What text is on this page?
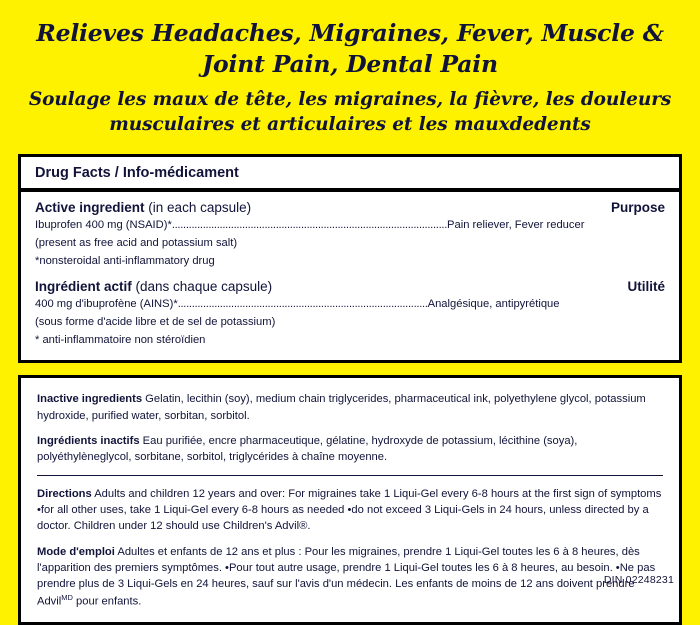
Relieves Headaches, Migraines, Fever, Muscle & Joint Pain, Dental Pain
Soulage les maux de tête, les migraines, la fièvre, les douleurs musculaires et articulaires et les mauxdedents
Drug Facts / Info-médicament
Active ingredient (in each capsule)	Purpose
Ibuprofen 400 mg (NSAID)*..................................................................................................Pain reliever, Fever reducer
(present as free acid and potassium salt)
*nonsteroidal anti-inflammatory drug
Ingrédient actif (dans chaque capsule)	Utilité
400 mg d'ibuprofène (AINS)*.........................................................................................Analgésique, antipyrétique
(sous forme d'acide libre et de sel de potassium)
* anti-inflammatoire non stéroïdien
Inactive ingredients Gelatin, lecithin (soy), medium chain triglycerides, pharmaceutical ink, polyethylene glycol, potassium hydroxide, purified water, sorbitan, sorbitol.
Ingrédients inactifs Eau purifiée, encre pharmaceutique, gélatine, hydroxyde de potassium, lécithine (soya), polyéthylèneglycol, sorbitane, sorbitol, triglycérides à chaîne moyenne.
Directions Adults and children 12 years and over: For migraines take 1 Liqui-Gel every 6-8 hours at the first sign of symptoms •for all other uses, take 1 Liqui-Gel every 6-8 hours as needed •do not exceed 3 Liqui-Gels in 24 hours, unless directed by a doctor. Children under 12 should use Children's Advil®.
Mode d'emploi Adultes et enfants de 12 ans et plus : Pour les migraines, prendre 1 Liqui-Gel toutes les 6 à 8 heures, dès l'apparition des premiers symptômes. •Pour tout autre usage, prendre 1 Liqui-Gel toutes les 6 à 8 heures, au besoin. •Ne pas prendre plus de 3 Liqui-Gels en 24 heures, sauf sur l'avis d'un médecin. Les enfants de moins de 12 ans doivent prendre Advil$^{MD}$ pour enfants.
DIN 02248231
